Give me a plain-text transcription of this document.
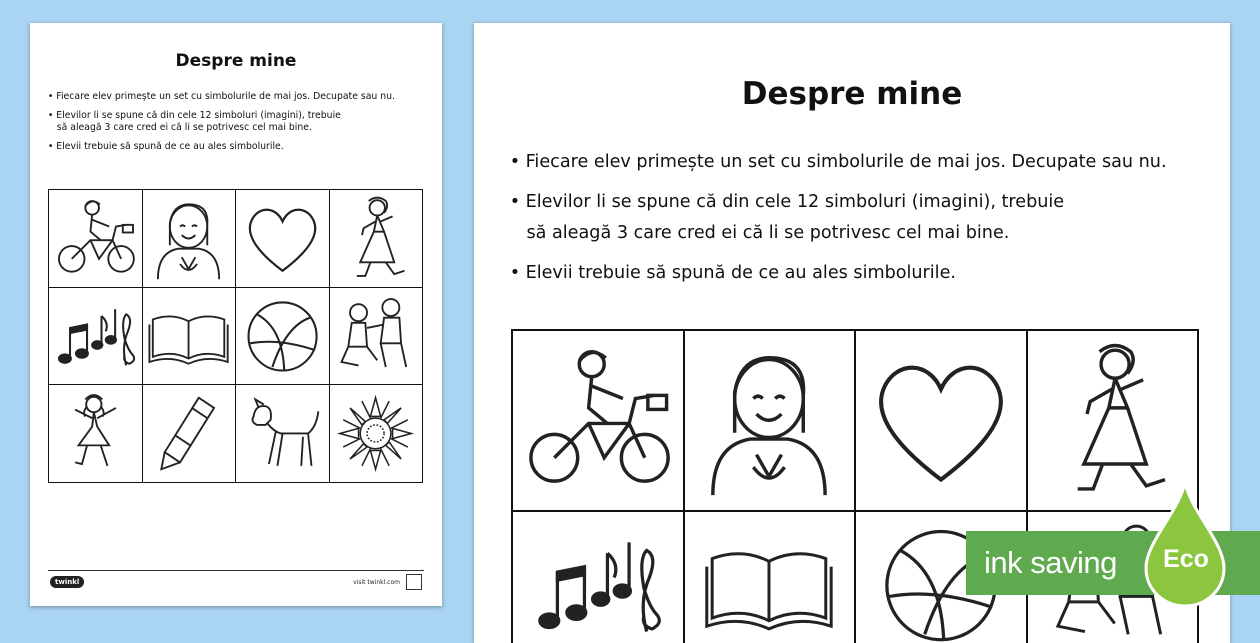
Despre mine
• Fiecare elev primește un set cu simbolurile de mai jos. Decupate sau nu.
• Elevilor li se spune că din cele 12 simboluri (imagini), trebuie
să aleagă 3 care cred ei că li se potrivesc cel mai bine.
• Elevii trebuie să spună de ce au ales simbolurile.
twinkl	visit twinkl.com
Despre mine
• Fiecare elev primește un set cu simbolurile de mai jos. Decupate sau nu.
• Elevilor li se spune că din cele 12 simboluri (imagini), trebuie
să aleagă 3 care cred ei că li se potrivesc cel mai bine.
• Elevii trebuie să spună de ce au ales simbolurile.
ink saving Eco
